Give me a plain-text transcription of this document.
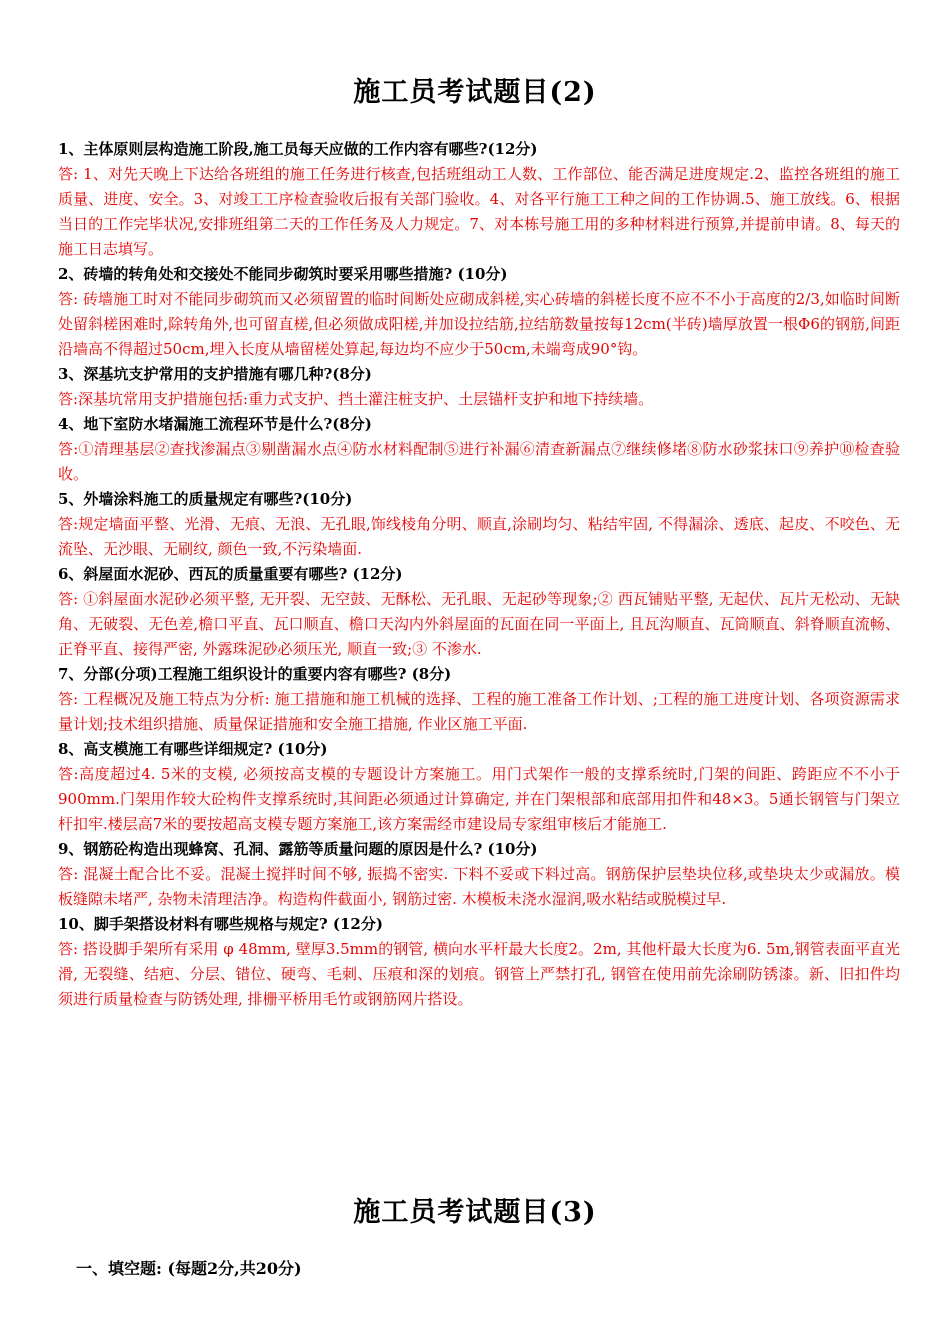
施工员考试题目(2)

1、主体原则层构造施工阶段,施工员每天应做的工作内容有哪些?(12分)

答: 1、对先天晚上下达给各班组的施工任务进行核查,包括班组动工人数、工作部位、能否满足进度规定.2、监控各班组的施工质量、进度、安全。3、对竣工工序检查验收后报有关部门验收。4、对各平行施工工种之间的工作协调.5、施工放线。6、根据当日的工作完毕状况,安排班组第二天的工作任务及人力规定。7、对本栋号施工用的多种材料进行预算,并提前申请。8、每天的施工日志填写。

2、砖墙的转角处和交接处不能同步砌筑时要采用哪些措施? (10分)

答: 砖墙施工时对不能同步砌筑而又必须留置的临时间断处应砌成斜槎,实心砖墙的斜槎长度不应不不小于高度的2/3,如临时间断处留斜槎困难时,除转角外,也可留直槎,但必须做成阳槎,并加设拉结筋,拉结筋数量按每12cm(半砖)墙厚放置一根Φ6的钢筋,间距沿墙高不得超过50cm,埋入长度从墙留槎处算起,每边均不应少于50cm,未端弯成90°钩。

3、深基坑支护常用的支护措施有哪几种?(8分)

答:深基坑常用支护措施包括:重力式支护、挡土灌注桩支护、土层锚杆支护和地下持续墙。

4、地下室防水堵漏施工流程环节是什么?(8分)

答:①清理基层②查找渗漏点③剔凿漏水点④防水材料配制⑤进行补漏⑥清查新漏点⑦继续修堵⑧防水砂浆抹口⑨养护⑩检查验收。

5、外墙涂料施工的质量规定有哪些?(10分)

答:规定墙面平整、光滑、无痕、无浪、无孔眼,饰线棱角分明、顺直,涂刷均匀、粘结牢固, 不得漏涂、透底、起皮、不咬色、无流坠、无沙眼、无刷纹, 颜色一致,不污染墙面.

6、斜屋面水泥砂、西瓦的质量重要有哪些? (12分)

答: ①斜屋面水泥砂必须平整, 无开裂、无空鼓、无酥松、无孔眼、无起砂等现象;② 西瓦铺贴平整, 无起伏、瓦片无松动、无缺角、无破裂、无色差,檐口平直、瓦口顺直、檐口天沟内外斜屋面的瓦面在同一平面上, 且瓦沟顺直、瓦筒顺直、斜脊顺直流畅、正脊平直、接得严密, 外露珠泥砂必须压光, 顺直一致;③ 不渗水.

7、分部(分项)工程施工组织设计的重要内容有哪些? (8分)

答: 工程概况及施工特点为分析: 施工措施和施工机械的选择、工程的施工准备工作计划、;工程的施工进度计划、各项资源需求量计划;技术组织措施、质量保证措施和安全施工措施, 作业区施工平面.

8、高支模施工有哪些详细规定? (10分)

答:高度超过4. 5米的支模, 必须按高支模的专题设计方案施工。用门式架作一般的支撑系统时,门架的间距、跨距应不不小于900mm.门架用作较大砼构件支撑系统时,其间距必须通过计算确定, 并在门架根部和底部用扣件和48×3。5通长钢管与门架立杆扣牢.楼层高7米的要按超高支模专题方案施工,该方案需经市建设局专家组审核后才能施工.

9、钢筋砼构造出现蜂窝、孔洞、露筋等质量问题的原因是什么? (10分)

答: 混凝土配合比不妥。混凝土搅拌时间不够, 振捣不密实. 下料不妥或下料过高。钢筋保护层垫块位移,或垫块太少或漏放。模板缝隙未堵严, 杂物未清理洁净。构造构件截面小, 钢筋过密. 木模板未浇水湿润,吸水粘结或脱模过早.

10、脚手架搭设材料有哪些规格与规定? (12分)

答: 搭设脚手架所有采用 φ 48mm, 壁厚3.5mm的钢管, 横向水平杆最大长度2。2m, 其他杆最大长度为6. 5m,钢管表面平直光滑, 无裂缝、结疤、分层、错位、硬弯、毛刺、压痕和深的划痕。钢管上严禁打孔, 钢管在使用前先涂刷防锈漆。新、旧扣件均须进行质量检查与防锈处理, 排栅平桥用毛竹或钢筋网片搭设。

施工员考试题目(3)
一、填空题: (每题2分,共20分)
